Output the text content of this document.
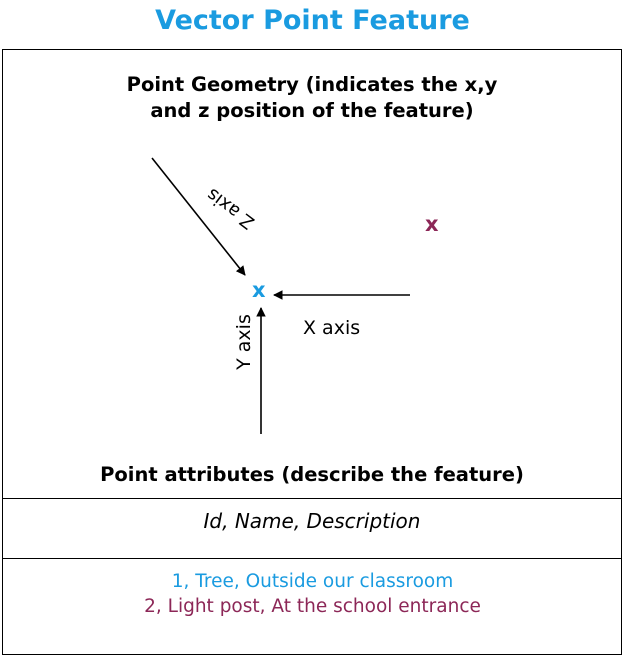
Vector Point Feature
Point Geometry (indicates the x,y
and z position of the feature)
Z axis
X axis
Y axis
x
x
Point attributes (describe the feature)
Id, Name, Description
1, Tree, Outside our classroom
2, Light post, At the school entrance
